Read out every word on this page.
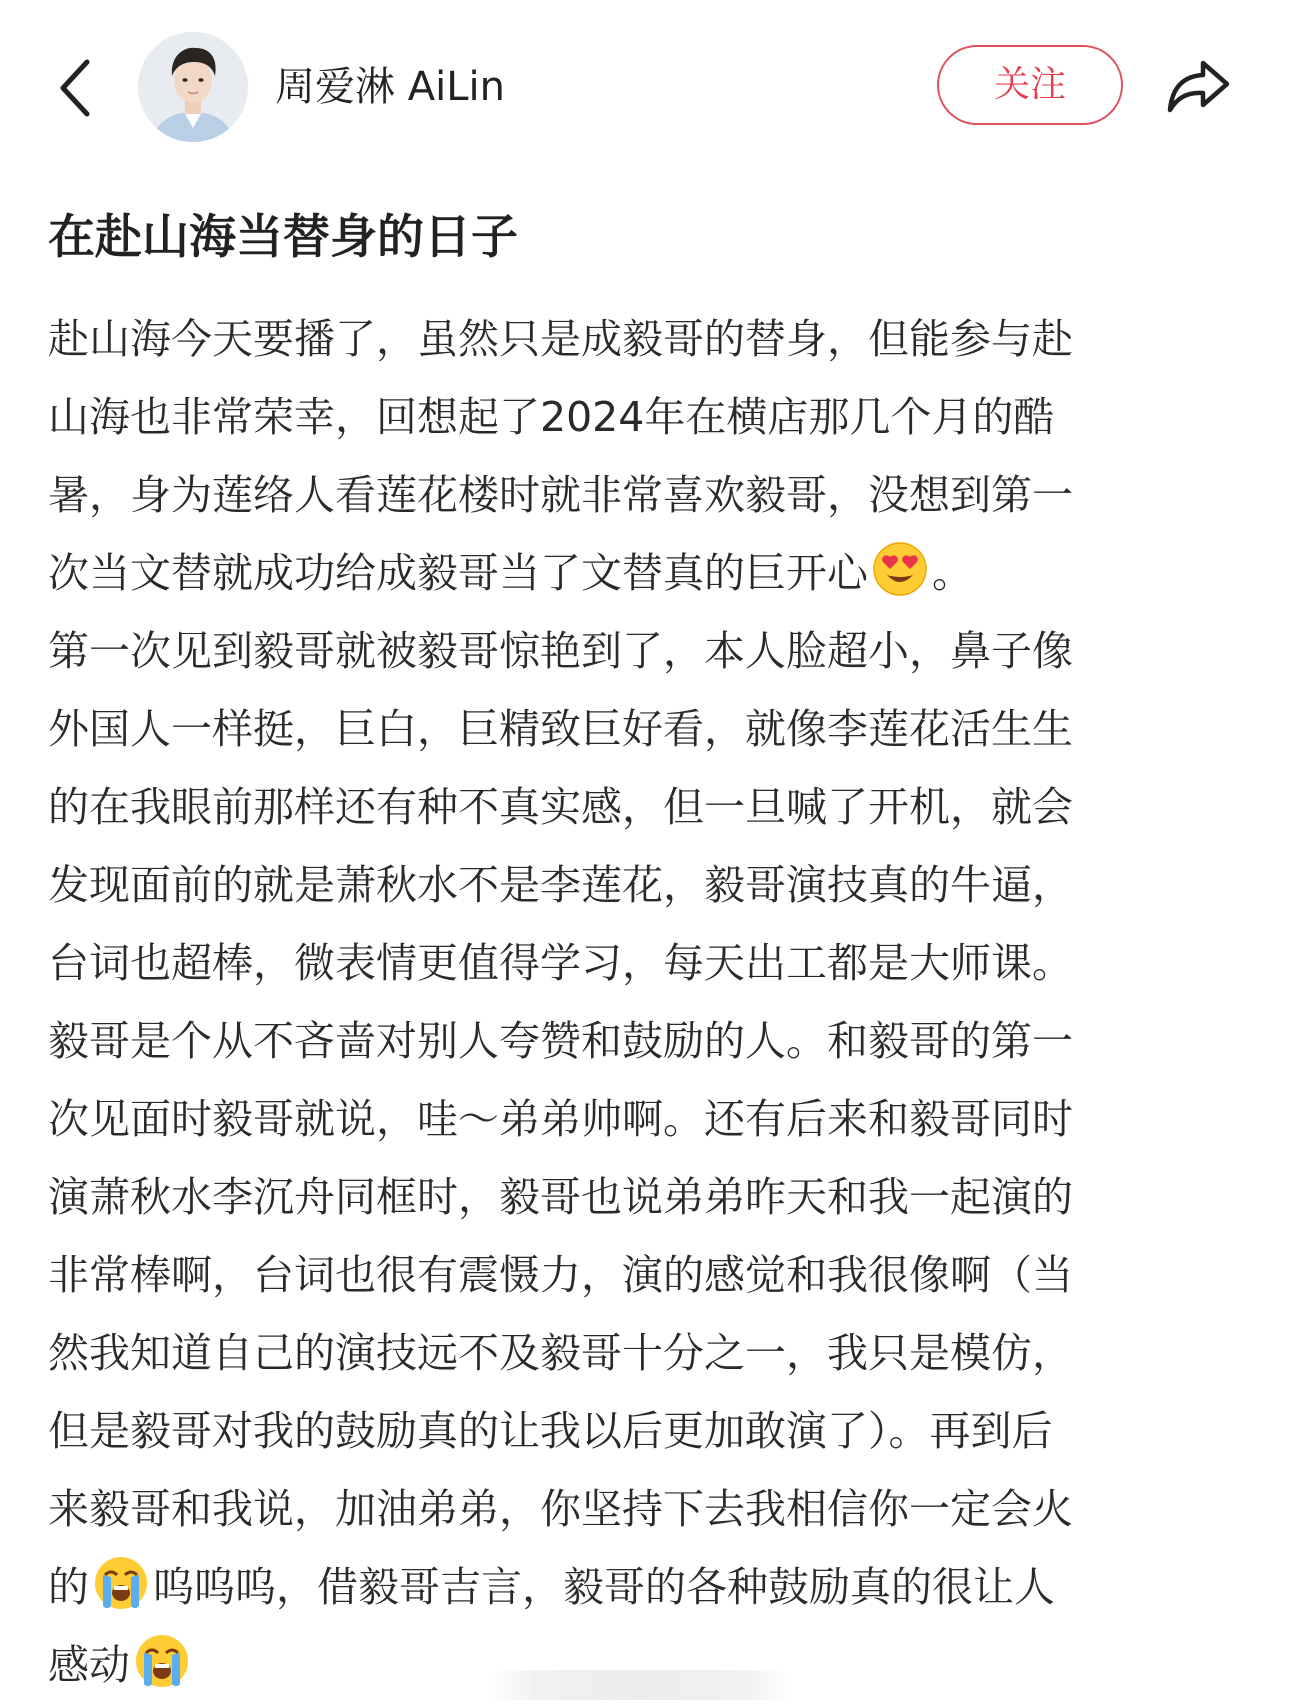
周爱淋 AiLin	关注
在赴山海当替身的日子
赴山海今天要播了，虽然只是成毅哥的替身，但能参与赴
山海也非常荣幸，回想起了2024年在横店那几个月的酷
暑，身为莲络人看莲花楼时就非常喜欢毅哥，没想到第一
次当文替就成功给成毅哥当了文替真的巨开心 。
第一次见到毅哥就被毅哥惊艳到了，本人脸超小，鼻子像
外国人一样挺，巨白，巨精致巨好看，就像李莲花活生生
的在我眼前那样还有种不真实感，但一旦喊了开机，就会
发现面前的就是萧秋水不是李莲花，毅哥演技真的牛逼，
台词也超棒，微表情更值得学习，每天出工都是大师课。
毅哥是个从不吝啬对别人夸赞和鼓励的人。和毅哥的第一
次见面时毅哥就说，哇～弟弟帅啊。还有后来和毅哥同时
演萧秋水李沉舟同框时，毅哥也说弟弟昨天和我一起演的
非常棒啊，台词也很有震慑力，演的感觉和我很像啊（当
然我知道自己的演技远不及毅哥十分之一，我只是模仿，
但是毅哥对我的鼓励真的让我以后更加敢演了）。再到后
来毅哥和我说，加油弟弟，你坚持下去我相信你一定会火
的 呜呜呜，借毅哥吉言，毅哥的各种鼓励真的很让人
感动
